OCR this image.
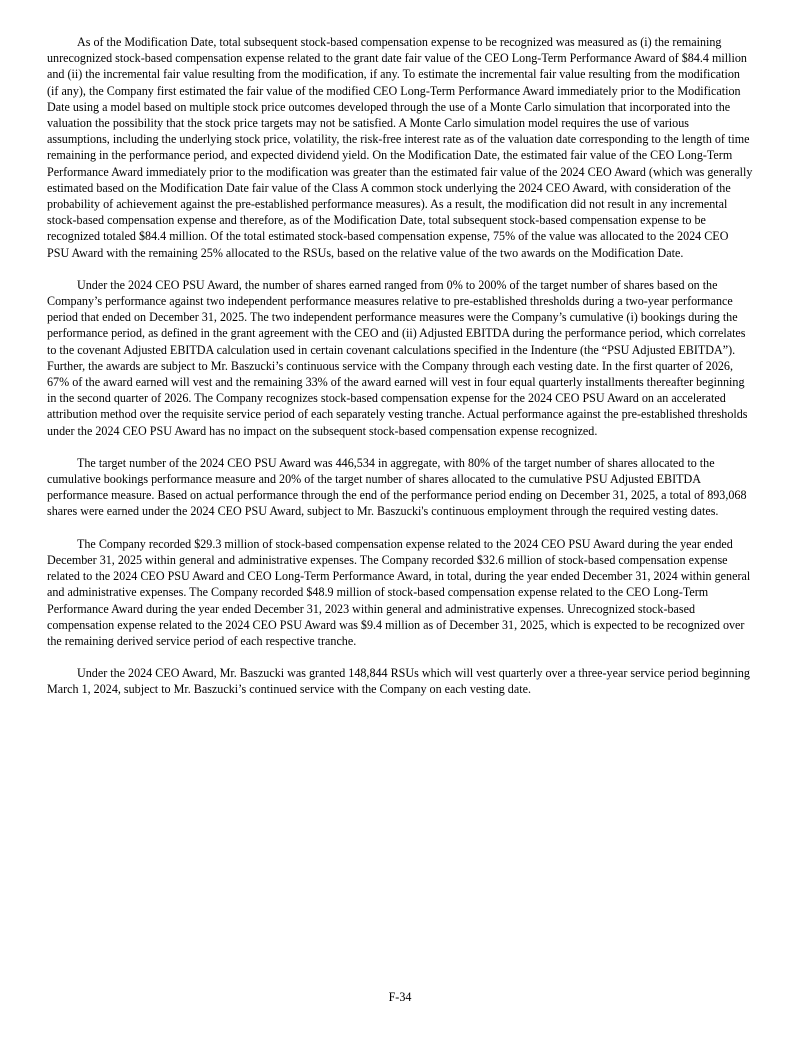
As of the Modification Date, total subsequent stock-based compensation expense to be recognized was measured as (i) the remaining unrecognized stock-based compensation expense related to the grant date fair value of the CEO Long-Term Performance Award of $84.4 million and (ii) the incremental fair value resulting from the modification, if any. To estimate the incremental fair value resulting from the modification (if any), the Company first estimated the fair value of the modified CEO Long-Term Performance Award immediately prior to the Modification Date using a model based on multiple stock price outcomes developed through the use of a Monte Carlo simulation that incorporated into the valuation the possibility that the stock price targets may not be satisfied. A Monte Carlo simulation model requires the use of various assumptions, including the underlying stock price, volatility, the risk-free interest rate as of the valuation date corresponding to the length of time remaining in the performance period, and expected dividend yield. On the Modification Date, the estimated fair value of the CEO Long-Term Performance Award immediately prior to the modification was greater than the estimated fair value of the 2024 CEO Award (which was generally estimated based on the Modification Date fair value of the Class A common stock underlying the 2024 CEO Award, with consideration of the probability of achievement against the pre-established performance measures). As a result, the modification did not result in any incremental stock-based compensation expense and therefore, as of the Modification Date, total subsequent stock-based compensation expense to be recognized totaled $84.4 million. Of the total estimated stock-based compensation expense, 75% of the value was allocated to the 2024 CEO PSU Award with the remaining 25% allocated to the RSUs, based on the relative value of the two awards on the Modification Date.

Under the 2024 CEO PSU Award, the number of shares earned ranged from 0% to 200% of the target number of shares based on the Company’s performance against two independent performance measures relative to pre-established thresholds during a two-year performance period that ended on December 31, 2025. The two independent performance measures were the Company’s cumulative (i) bookings during the performance period, as defined in the grant agreement with the CEO and (ii) Adjusted EBITDA during the performance period, which correlates to the covenant Adjusted EBITDA calculation used in certain covenant calculations specified in the Indenture (the “PSU Adjusted EBITDA”). Further, the awards are subject to Mr. Baszucki’s continuous service with the Company through each vesting date. In the first quarter of 2026, 67% of the award earned will vest and the remaining 33% of the award earned will vest in four equal quarterly installments thereafter beginning in the second quarter of 2026. The Company recognizes stock-based compensation expense for the 2024 CEO PSU Award on an accelerated attribution method over the requisite service period of each separately vesting tranche. Actual performance against the pre-established thresholds under the 2024 CEO PSU Award has no impact on the subsequent stock-based compensation expense recognized.

The target number of the 2024 CEO PSU Award was 446,534 in aggregate, with 80% of the target number of shares allocated to the cumulative bookings performance measure and 20% of the target number of shares allocated to the cumulative PSU Adjusted EBITDA performance measure. Based on actual performance through the end of the performance period ending on December 31, 2025, a total of 893,068 shares were earned under the 2024 CEO PSU Award, subject to Mr. Baszucki's continuous employment through the required vesting dates.

The Company recorded $29.3 million of stock-based compensation expense related to the 2024 CEO PSU Award during the year ended December 31, 2025 within general and administrative expenses. The Company recorded $32.6 million of stock-based compensation expense related to the 2024 CEO PSU Award and CEO Long-Term Performance Award, in total, during the year ended December 31, 2024 within general and administrative expenses. The Company recorded $48.9 million of stock-based compensation expense related to the CEO Long-Term Performance Award during the year ended December 31, 2023 within general and administrative expenses. Unrecognized stock-based compensation expense related to the 2024 CEO PSU Award was $9.4 million as of December 31, 2025, which is expected to be recognized over the remaining derived service period of each respective tranche.

Under the 2024 CEO Award, Mr. Baszucki was granted 148,844 RSUs which will vest quarterly over a three-year service period beginning March 1, 2024, subject to Mr. Baszucki’s continued service with the Company on each vesting date.

F-34
